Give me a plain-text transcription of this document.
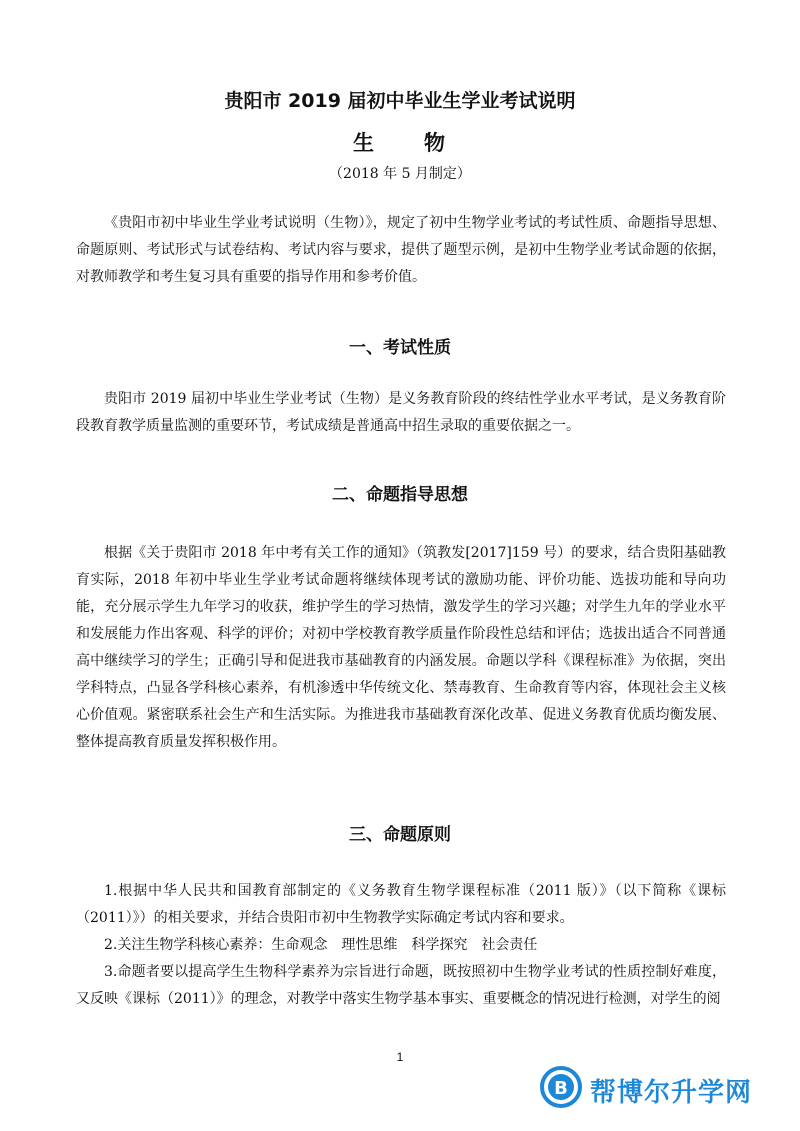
贵阳市 2019 届初中毕业生学业考试说明
生 物
（2018 年 5 月制定）

《贵阳市初中毕业生学业考试说明（生物）》，规定了初中生物学业考试的考试性质、命题指导思想、命题原则、考试形式与试卷结构、考试内容与要求，提供了题型示例，是初中生物学业考试命题的依据，对教师教学和考生复习具有重要的指导作用和参考价值。

一、考试性质

贵阳市 2019 届初中毕业生学业考试（生物）是义务教育阶段的终结性学业水平考试，是义务教育阶段教育教学质量监测的重要环节，考试成绩是普通高中招生录取的重要依据之一。

二、命题指导思想

根据《关于贵阳市 2018 年中考有关工作的通知》（筑教发[2017]159 号）的要求，结合贵阳基础教育实际，2018 年初中毕业生学业考试命题将继续体现考试的激励功能、评价功能、选拔功能和导向功能，充分展示学生九年学习的收获，维护学生的学习热情，激发学生的学习兴趣；对学生九年的学业水平和发展能力作出客观、科学的评价；对初中学校教育教学质量作阶段性总结和评估；选拔出适合不同普通高中继续学习的学生；正确引导和促进我市基础教育的内涵发展。命题以学科《课程标准》为依据，突出学科特点，凸显各学科核心素养，有机渗透中华传统文化、禁毒教育、生命教育等内容，体现社会主义核心价值观。紧密联系社会生产和生活实际。为推进我市基础教育深化改革、促进义务教育优质均衡发展、整体提高教育质量发挥积极作用。

三、命题原则

1.根据中华人民共和国教育部制定的《义务教育生物学课程标准（2011 版）》（以下简称《课标（2011）》）的相关要求，并结合贵阳市初中生物教学实际确定考试内容和要求。

2.关注生物学科核心素养：生命观念　理性思维　科学探究　社会责任

3.命题者要以提高学生生物科学素养为宗旨进行命题，既按照初中生物学业考试的性质控制好难度，又反映《课标（2011）》的理念，对教学中落实生物学基本事实、重要概念的情况进行检测，对学生的阅

1
B 帮博尔升学网
